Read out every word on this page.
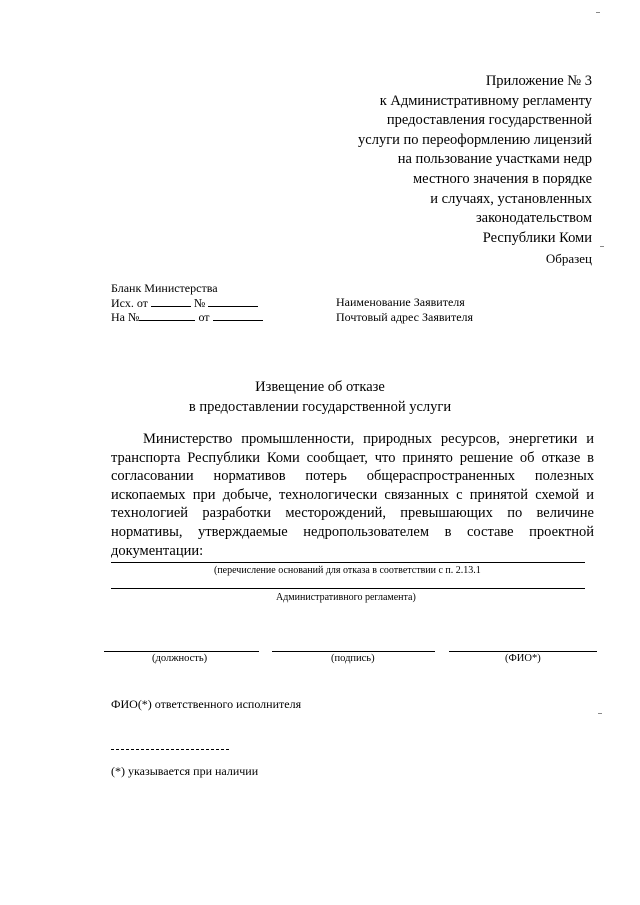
Приложение № 3
к Административному регламенту
предоставления государственной
услуги по переоформлению лицензий
на пользование участками недр
местного значения в порядке
и случаях, установленных
законодательством
Республики Коми
Образец
Бланк Министерства
Исх. от	№
На №	от
Наименование Заявителя
Почтовый адрес Заявителя
Извещение об отказе
в предоставлении государственной услуги
Министерство промышленности, природных ресурсов, энергетики и транспорта Республики Коми сообщает, что принято решение об отказе в согласовании нормативов потерь общераспространенных полезных ископаемых при добыче, технологически связанных с принятой схемой и технологией разработки месторождений, превышающих по величине нормативы, утверждаемые недропользователем в составе проектной документации:
(перечисление оснований для отказа в соответствии с п. 2.13.1
Административного регламента)
(должность)	(подпись)	(ФИО*)
ФИО(*) ответственного исполнителя
(*) указывается при наличии
